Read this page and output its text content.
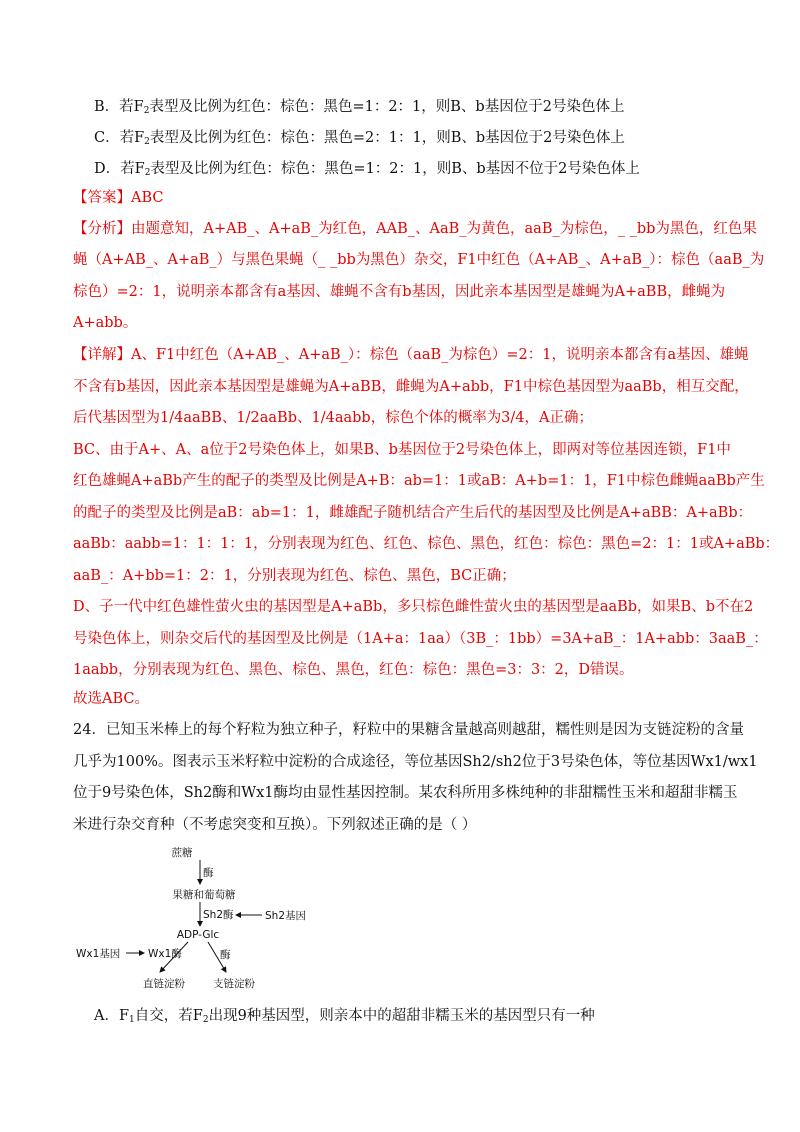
B．若$F_2$表型及比例为红色：棕色：黑色=1：2：1，则B、b基因位于2号染色体上
C．若$F_2$表型及比例为红色：棕色：黑色=2：1：1，则B、b基因位于2号染色体上
D．若$F_2$表型及比例为红色：棕色：黑色=1：2：1，则B、b基因不位于2号染色体上
【答案】ABC
【分析】由题意知，A+AB_、A+aB_为红色，AAB_、AaB_为黄色，aaB_为棕色，_ _bb为黑色，红色果
蝇（A+AB_、A+aB_）与黑色果蝇（_ _bb为黑色）杂交，F1中红色（A+AB_、A+aB_）：棕色（aaB_为
棕色）=2：1，说明亲本都含有a基因、雄蝇不含有b基因，因此亲本基因型是雄蝇为A+aBB，雌蝇为
A+abb。
【详解】A、F1中红色（A+AB_、A+aB_）：棕色（aaB_为棕色）=2：1，说明亲本都含有a基因、雄蝇
不含有b基因，因此亲本基因型是雄蝇为A+aBB，雌蝇为A+abb，F1中棕色基因型为aaBb，相互交配，
后代基因型为1/4aaBB、1/2aaBb、1/4aabb，棕色个体的概率为3/4，A正确；
BC、由于A+、A、a位于2号染色体上，如果B、b基因位于2号染色体上，即两对等位基因连锁，F1中
红色雄蝇A+aBb产生的配子的类型及比例是A+B：ab=1：1或aB：A+b=1：1，F1中棕色雌蝇aaBb产生
的配子的类型及比例是aB：ab=1：1，雌雄配子随机结合产生后代的基因型及比例是A+aBB：A+aBb：
aaBb：aabb=1：1：1：1，分别表现为红色、红色、棕色、黑色，红色：棕色：黑色=2：1：1或A+aBb：
aaB_：A+bb=1：2：1，分别表现为红色、棕色、黑色，BC正确；
D、子一代中红色雄性萤火虫的基因型是A+aBb，多只棕色雌性萤火虫的基因型是aaBb，如果B、b不在2
号染色体上，则杂交后代的基因型及比例是（1A+a：1aa）（3B_：1bb）=3A+aB_：1A+abb：3aaB_：
1aabb，分别表现为红色、黑色、棕色、黑色，红色：棕色：黑色=3：3：2，D错误。
故选ABC。
24．已知玉米棒上的每个籽粒为独立种子，籽粒中的果糖含量越高则越甜，糯性则是因为支链淀粉的含量
几乎为100%。图表示玉米籽粒中淀粉的合成途径，等位基因Sh2/sh2位于3号染色体，等位基因Wx1/wx1
位于9号染色体，Sh2酶和Wx1酶均由显性基因控制。某农科所用多株纯种的非甜糯性玉米和超甜非糯玉
米进行杂交育种（不考虑突变和互换）。下列叙述正确的是（ ）
蔗糖
酶
果糖和葡萄糖
Sh2酶	Sh2基因
ADP-Glc
酶
Wx1基因	Wx1酶
直链淀粉	支链淀粉
A．$F_1$自交，若$F_2$出现9种基因型，则亲本中的超甜非糯玉米的基因型只有一种
